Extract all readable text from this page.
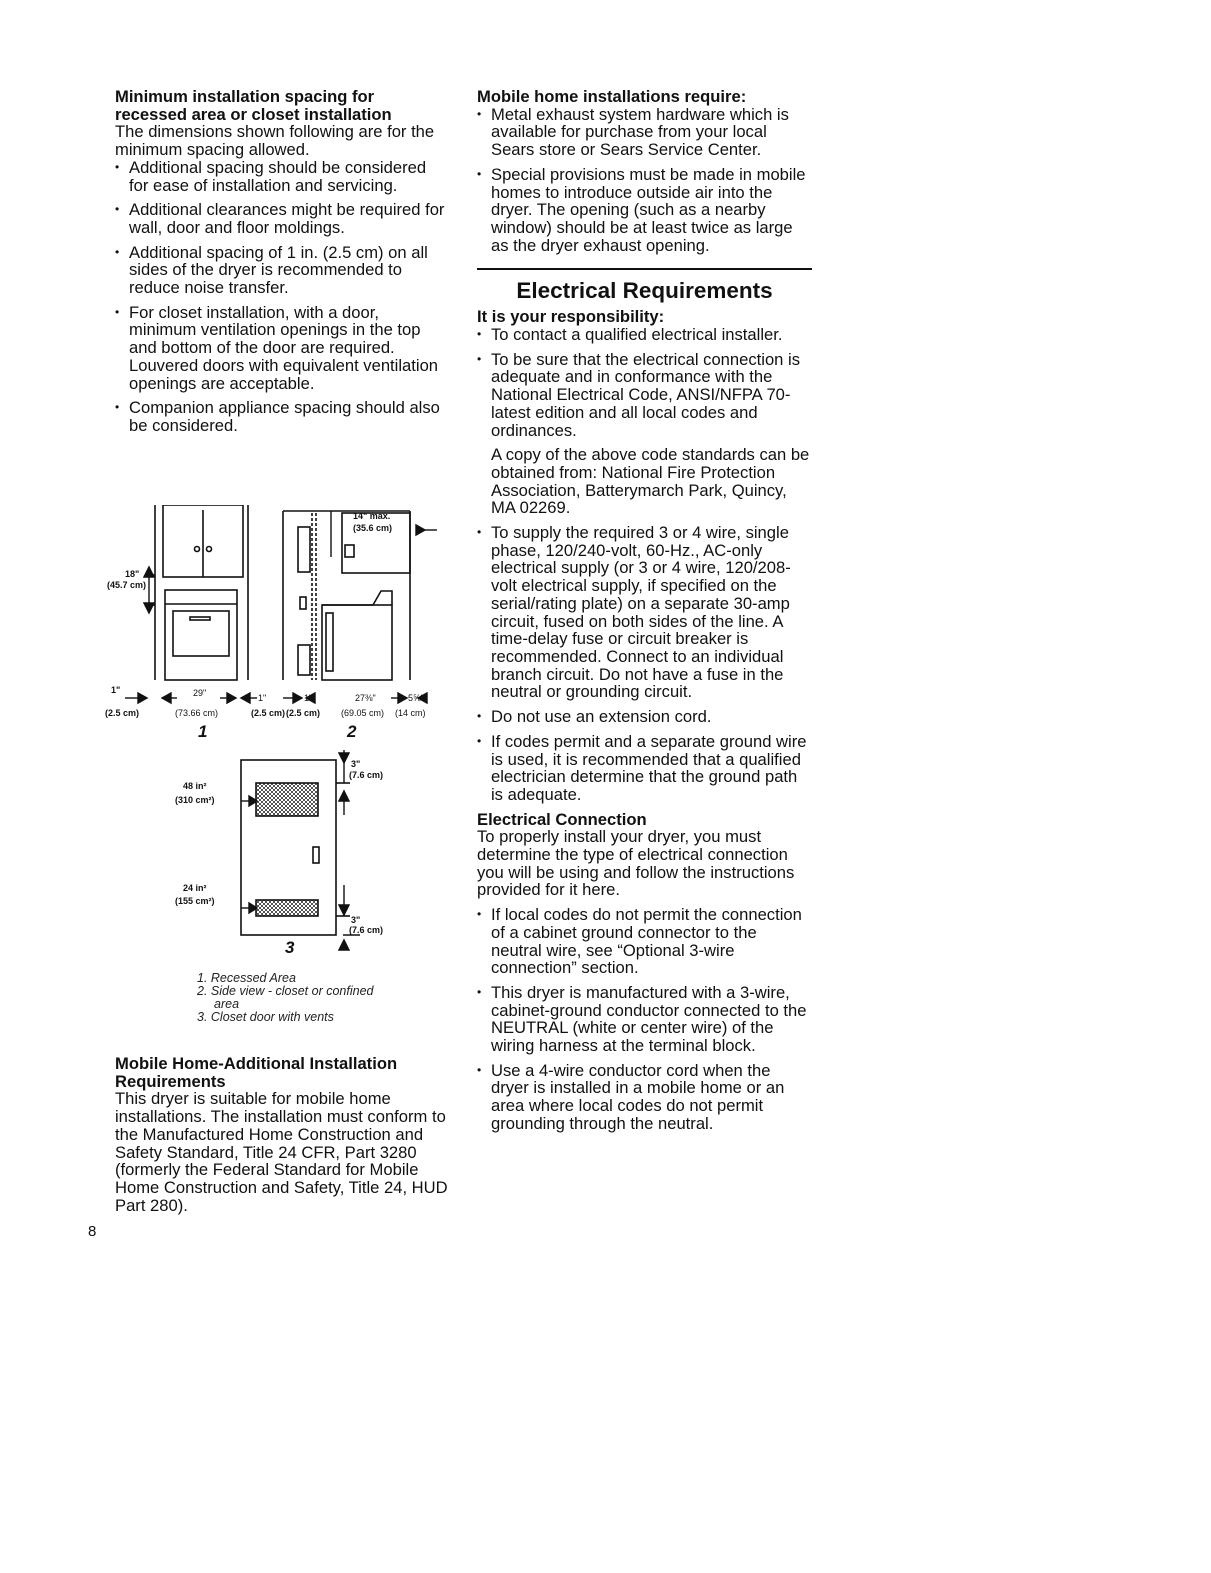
Minimum installation spacing for recessed area or closet installation

The dimensions shown following are for the minimum spacing allowed.

• Additional spacing should be considered for ease of installation and servicing.
• Additional clearances might be required for wall, door and floor moldings.
• Additional spacing of 1 in. (2.5 cm) on all sides of the dryer is recommended to reduce noise transfer.
• For closet installation, with a door, minimum ventilation openings in the top and bottom of the door are required. Louvered doors with equivalent ventilation openings are acceptable.
• Companion appliance spacing should also be considered.
18"
(45.7 cm)
1"
(2.5 cm)
29"
(73.66 cm)
1"
(2.5 cm)
14" max.
(35.6 cm)
1"
(2.5 cm)
27⅜"
(69.05 cm)
5⅝"
(14 cm)
3"
(7.6 cm)
48 in²
(310 cm²)
24 in²
(155 cm²)
3"
(7.6 cm)
1	2
3
1. Recessed Area
2. Side view - closet or confined
area
3. Closet door with vents

Mobile Home-Additional Installation Requirements

This dryer is suitable for mobile home installations. The installation must conform to the Manufactured Home Construction and Safety Standard, Title 24 CFR, Part 3280 (formerly the Federal Standard for Mobile Home Construction and Safety, Title 24, HUD Part 280).

8

Mobile home installations require:

• Metal exhaust system hardware which is available for purchase from your local Sears store or Sears Service Center.
• Special provisions must be made in mobile homes to introduce outside air into the dryer. The opening (such as a nearby window) should be at least twice as large as the dryer exhaust opening.
Electrical Requirements

It is your responsibility:

• To contact a qualified electrical installer.
• To be sure that the electrical connection is adequate and in conformance with the National Electrical Code, ANSI/NFPA 70-latest edition and all local codes and ordinances.

A copy of the above code standards can be obtained from: National Fire Protection Association, Batterymarch Park, Quincy, MA 02269.

• To supply the required 3 or 4 wire, single phase, 120/240-volt, 60-Hz., AC-only electrical supply (or 3 or 4 wire, 120/208-volt electrical supply, if specified on the serial/rating plate) on a separate 30-amp circuit, fused on both sides of the line. A time-delay fuse or circuit breaker is recommended. Connect to an individual branch circuit. Do not have a fuse in the neutral or grounding circuit.
• Do not use an extension cord.
• If codes permit and a separate ground wire is used, it is recommended that a qualified electrician determine that the ground path is adequate.

Electrical Connection

To properly install your dryer, you must determine the type of electrical connection you will be using and follow the instructions provided for it here.

• If local codes do not permit the connection of a cabinet ground connector to the neutral wire, see “Optional 3-wire connection” section.
• This dryer is manufactured with a 3-wire, cabinet-ground conductor connected to the NEUTRAL (white or center wire) of the wiring harness at the terminal block.
• Use a 4-wire conductor cord when the dryer is installed in a mobile home or an area where local codes do not permit grounding through the neutral.
